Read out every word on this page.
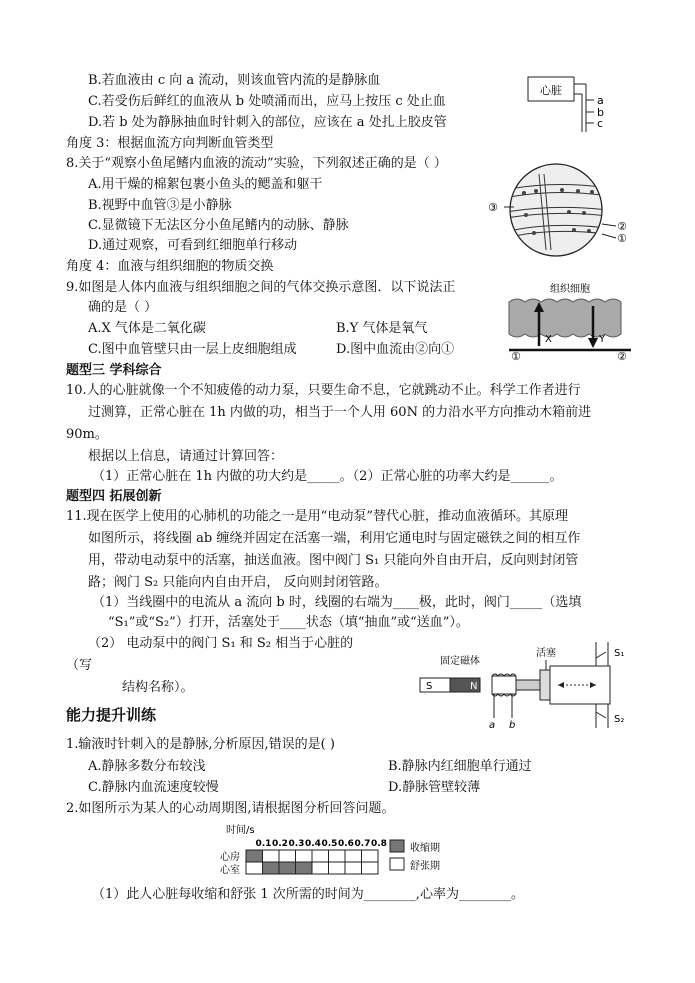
B.若血液由 c 向 a 流动，则该血管内流的是静脉血
C.若受伤后鲜红的血液从 b 处喷涌而出，应马上按压 c 处止血
D.若 b 处为静脉抽血时针刺入的部位，应该在 a 处扎上胶皮管
角度 3：根据血流方向判断血管类型
心脏
a
b
c
8.关于“观察小鱼尾鳍内血液的流动”实验，下列叙述正确的是（ ）
A.用干燥的棉絮包裹小鱼头的鳃盖和躯干
B.视野中血管③是小静脉
C.显微镜下无法区分小鱼尾鳍内的动脉、静脉
D.通过观察，可看到红细胞单行移动
③
②
①
角度 4：血液与组织细胞的物质交换
9.如图是人体内血液与组织细胞之间的气体交换示意图．以下说法正
确的是（ ）
A.X 气体是二氧化碳	B.Y 气体是氧气
C.图中血管壁只由一层上皮细胞组成	D.图中血流由②向①
组织细胞
X	Y
①	②
题型三 学科综合
10.人的心脏就像一个不知疲倦的动力泵，只要生命不息，它就跳动不止。科学工作者进行
过测算，正常心脏在 1h 内做的功，相当于一个人用 60N 的力沿水平方向推动木箱前进
90m。
根据以上信息，请通过计算回答：
（1）正常心脏在 1h 内做的功大约是_____。（2）正常心脏的功率大约是______。
题型四 拓展创新
11.现在医学上使用的心肺机的功能之一是用“电动泵”替代心脏，推动血液循环。其原理
如图所示，将线圈 ab 缠绕并固定在活塞一端，利用它通电时与固定磁铁之间的相互作
用，带动电动泵中的活塞，抽送血液。图中阀门 S₁ 只能向外自由开启，反向则封闭管
路；阀门 S₂ 只能向内自由开启， 反向则封闭管路。
（1）当线圈中的电流从 a 流向 b 时，线圈的右端为____极，此时，阀门_____（选填
“S₁”或“S₂”）打开，活塞处于____状态（填“抽血”或“送血”）。
（2） 电动泵中的阀门 S₁ 和 S₂ 相当于心脏的
（写
结构名称）。
固定磁体
S	N
a b
活塞	S₁
S₂
能力提升训练
1.输液时针刺入的是静脉,分析原因,错误的是( )
A.静脉多数分布较浅	B.静脉内红细胞单行通过
C.静脉内血流速度较慢	D.静脉管壁较薄
2.如图所示为某人的心动周期图,请根据图分析回答问题。
时间/s
心房
心室
0.1 0.2 0.3 0.4 0.5 0.6 0.7 0.8 收缩期
舒张期
（1）此人心脏每收缩和舒张 1 次所需的时间为________,心率为________。
